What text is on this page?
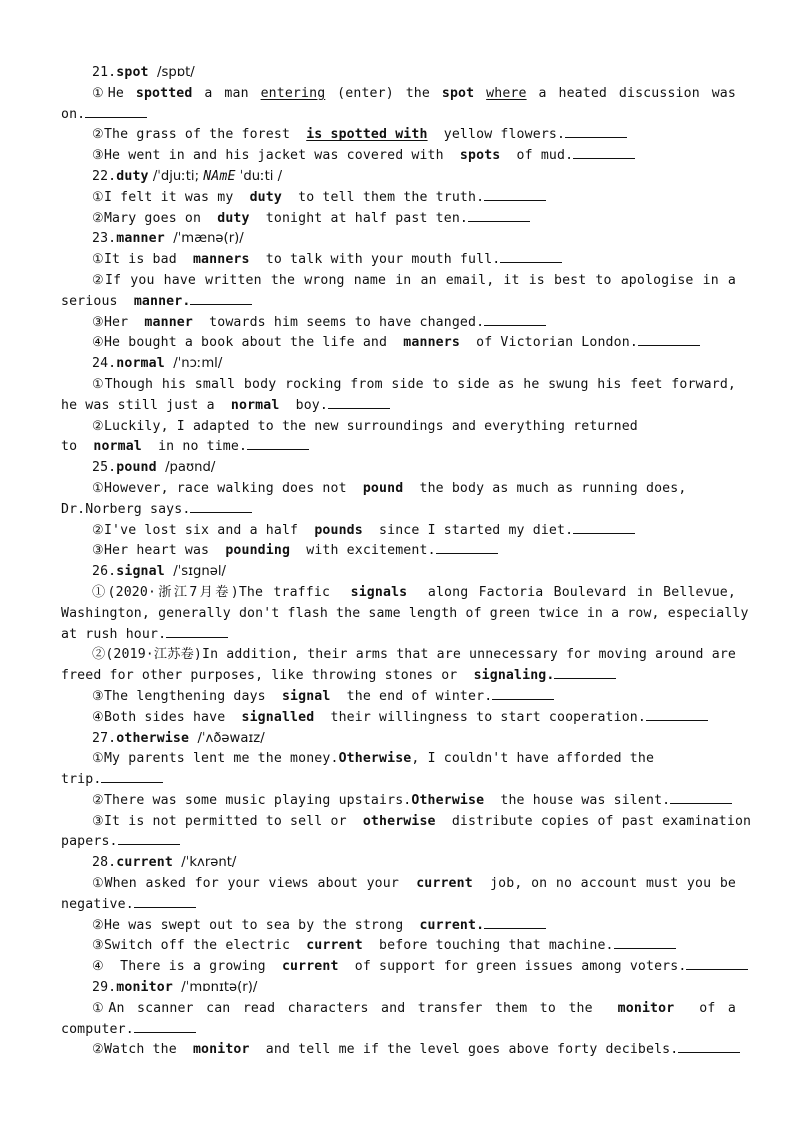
21.spot  /spɒt/
①He spotted a man entering (enter) the spot where a heated discussion was
on.
②The grass of the forest  is spotted with  yellow flowers.
③He went in and his jacket was covered with  spots  of mud.
22.duty /ˈdjuːti; NAmE ˈduːti /
①I felt it was my  duty  to tell them the truth.
②Mary goes on  duty  tonight at half past ten.
23.manner  /ˈmænə(r)/
①It is bad  manners  to talk with your mouth full.
②If you have written the wrong name in an email, it is best to apologise in a
serious  manner.
③Her  manner  towards him seems to have changed.
④He bought a book about the life and  manners  of Victorian London.
24.normal  /ˈnɔːml/
①Though his small body rocking from side to side as he swung his feet forward,
he was still just a  normal  boy.
②Luckily, I adapted to the new surroundings and everything returned
to  normal  in no time.
25.pound  /paʊnd/
①However, race walking does not  pound  the body as much as running does,
Dr.Norberg says.
②I've lost six and a half  pounds  since I started my diet.
③Her heart was  pounding  with excitement.
26.signal  /ˈsɪgnəl/
①(2020·浙江7月卷)The traffic  signals  along Factoria Boulevard in Bellevue,
Washington, generally don't flash the same length of green twice in a row, especially
at rush hour.
②(2019·江苏卷)In addition, their arms that are unnecessary for moving around are
freed for other purposes, like throwing stones or  signaling.
③The lengthening days  signal  the end of winter.
④Both sides have  signalled  their willingness to start cooperation.
27.otherwise  /ˈʌðəwaɪz/
①My parents lent me the money.Otherwise, I couldn't have afforded the
trip.
②There was some music playing upstairs.Otherwise  the house was silent.
③It is not permitted to sell or  otherwise  distribute copies of past examination
papers.
28.current  /ˈkʌrənt/
①When asked for your views about your  current  job, on no account must you be
negative.
②He was swept out to sea by the strong  current.
③Switch off the electric  current  before touching that machine.
④  There is a growing  current  of support for green issues among voters.
29.monitor  /ˈmɒnɪtə(r)/
①An scanner can read characters and transfer them to the  monitor  of a
computer.
②Watch the  monitor  and tell me if the level goes above forty decibels.
